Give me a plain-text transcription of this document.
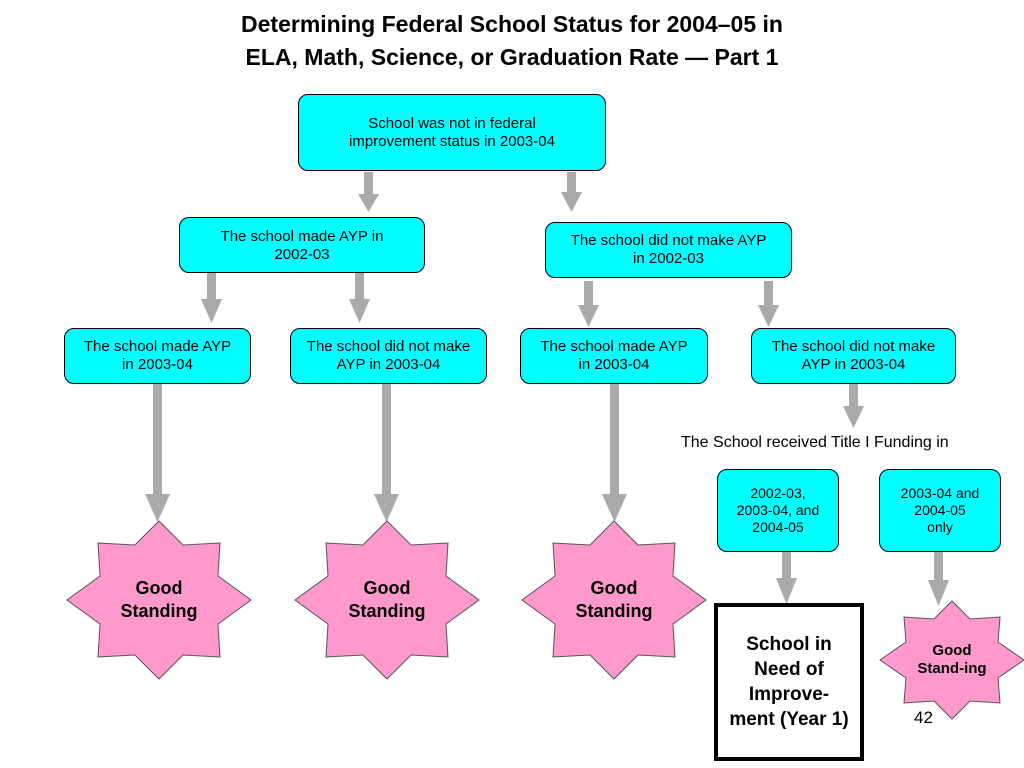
Determining Federal School Status for 2004–05 in
ELA, Math, Science, or Graduation Rate — Part 1
School was not in federal improvement status in 2003-04
The school made AYP in 2002-03
The school did not make AYP in 2002-03
The school made AYP in 2003-04
The school did not make AYP in 2003-04
The school made AYP in 2003-04
The school did not make AYP in 2003-04
The School received Title I Funding in
2002-03, 2003-04, and 2004-05
2003-04 and 2004-05 only
Good Standing
Good Standing
Good Standing
Good Stand-ing
School in Need of Improve-ment (Year 1)	42
